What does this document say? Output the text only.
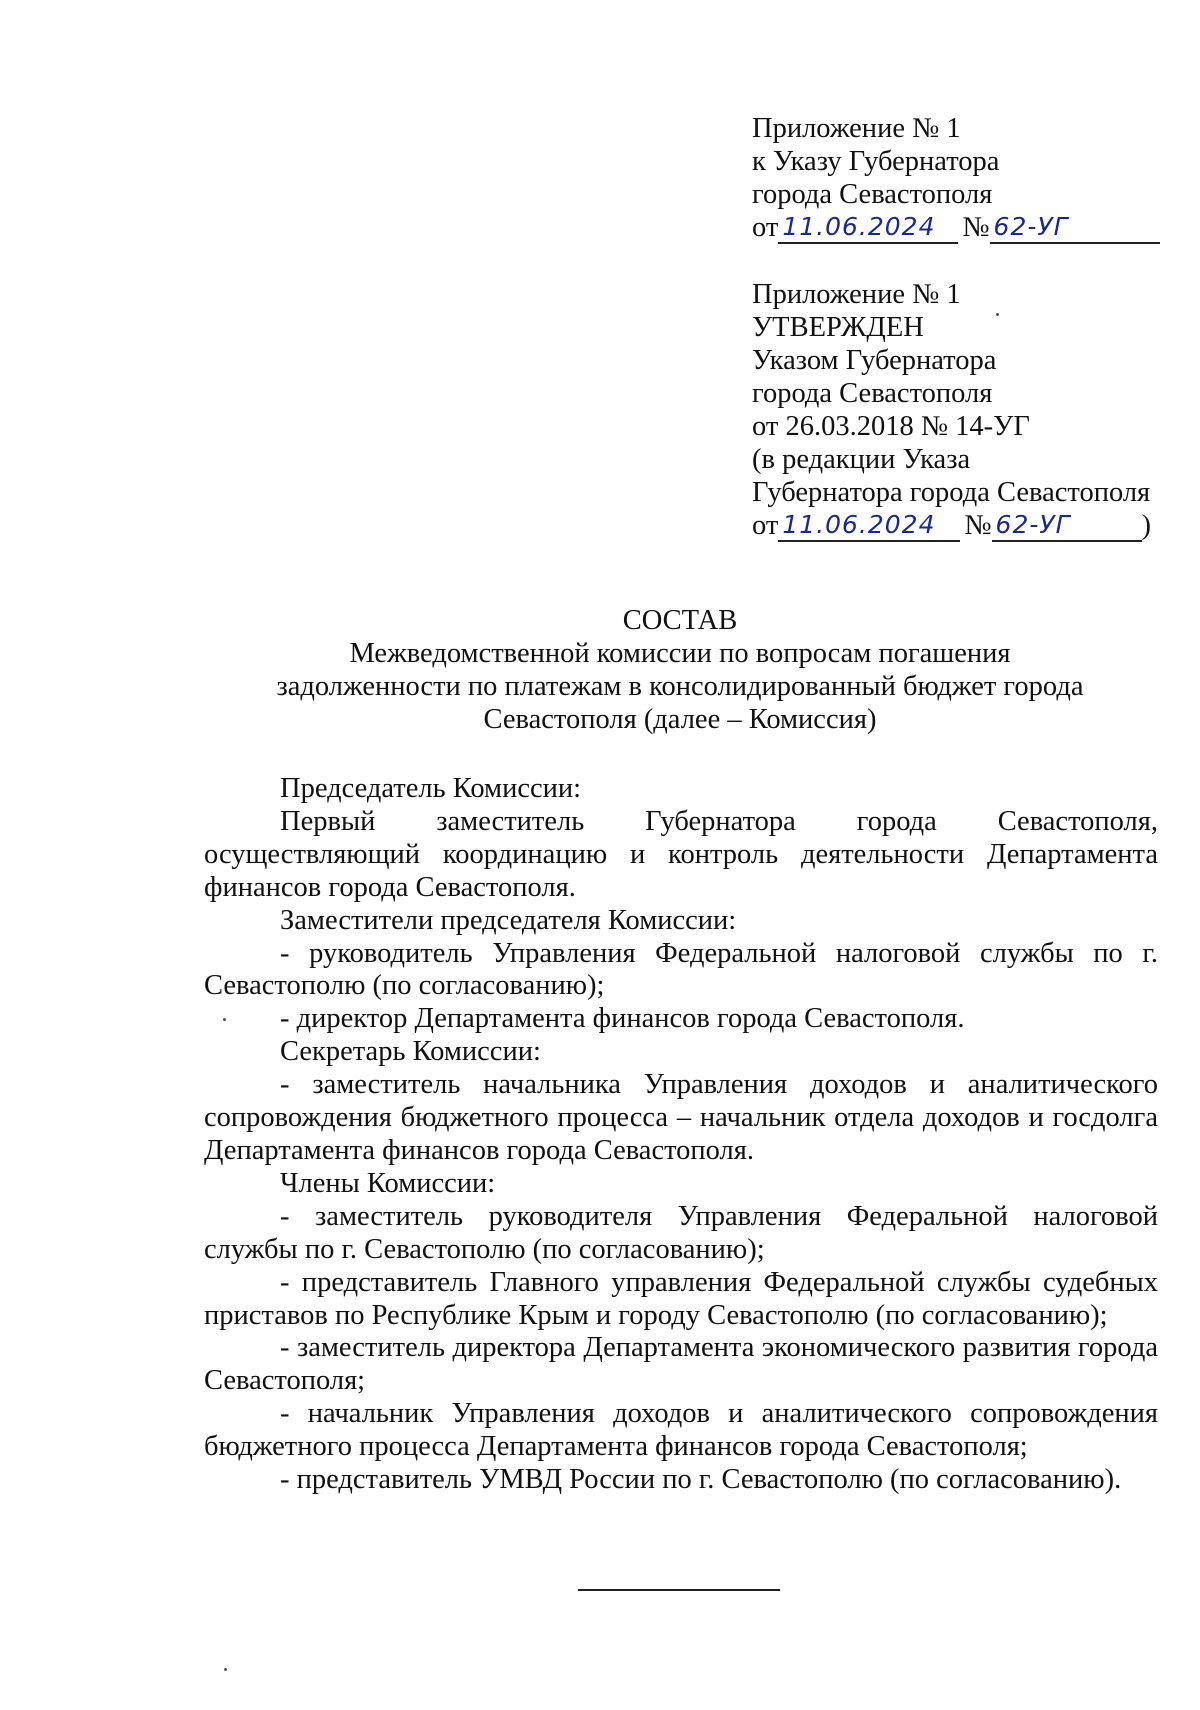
Приложение № 1
к Указу Губернатора
города Севастополя
от 11.06.2024 № 62-УГ
Приложение № 1
УТВЕРЖДЕН
Указом Губернатора
города Севастополя
от 26.03.2018 № 14-УГ
(в редакции Указа
Губернатора города Севастополя
от 11.06.2024 № 62-УГ )
СОСТАВ
Межведомственной комиссии по вопросам погашения
задолженности по платежам в консолидированный бюджет города
Севастополя (далее – Комиссия)

Председатель Комиссии:

Первый заместитель Губернатора города Севастополя, осуществляющий координацию и контроль деятельности Департамента финансов города Севастополя.

Заместители председателя Комиссии:

- руководитель Управления Федеральной налоговой службы по г. Севастополю (по согласованию);

- директор Департамента финансов города Севастополя.

Секретарь Комиссии:

- заместитель начальника Управления доходов и аналитического сопровождения бюджетного процесса – начальник отдела доходов и госдолга Департамента финансов города Севастополя.

Члены Комиссии:

- заместитель руководителя Управления Федеральной налоговой службы по г. Севастополю (по согласованию);

- представитель Главного управления Федеральной службы судебных приставов по Республике Крым и городу Севастополю (по согласованию);

- заместитель директора Департамента экономического развития города Севастополя;

- начальник Управления доходов и аналитического сопровождения бюджетного процесса Департамента финансов города Севастополя;

- представитель УМВД России по г. Севастополю (по согласованию).
